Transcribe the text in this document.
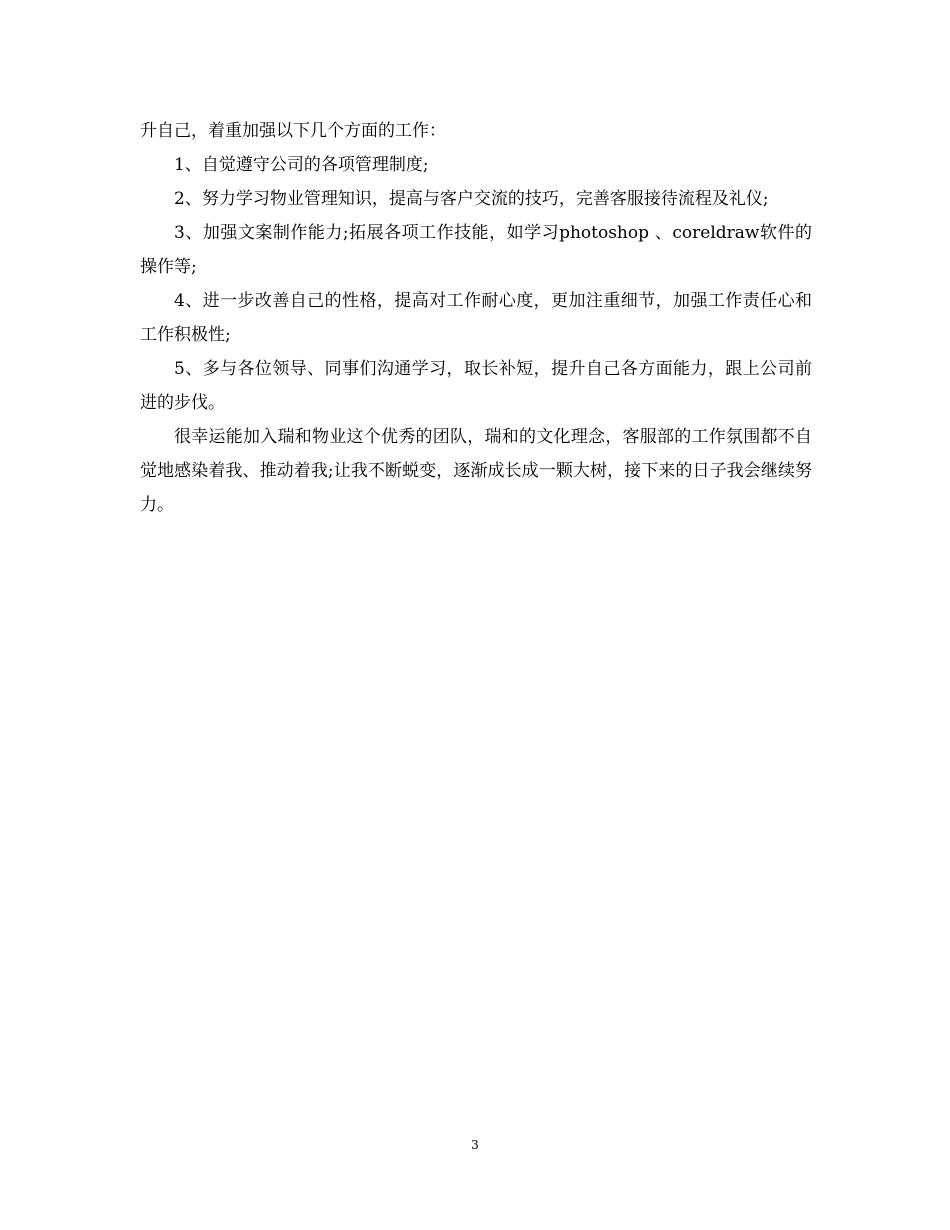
升自己，着重加强以下几个方面的工作：

1、自觉遵守公司的各项管理制度;

2、努力学习物业管理知识，提高与客户交流的技巧，完善客服接待流程及礼仪;

3、加强文案制作能力;拓展各项工作技能，如学习photoshop 、coreldraw软件的操作等;

4、进一步改善自己的性格，提高对工作耐心度，更加注重细节，加强工作责任心和工作积极性;

5、多与各位领导、同事们沟通学习，取长补短，提升自己各方面能力，跟上公司前进的步伐。

很幸运能加入瑞和物业这个优秀的团队，瑞和的文化理念，客服部的工作氛围都不自觉地感染着我、推动着我;让我不断蜕变，逐渐成长成一颗大树，接下来的日子我会继续努力。

3
